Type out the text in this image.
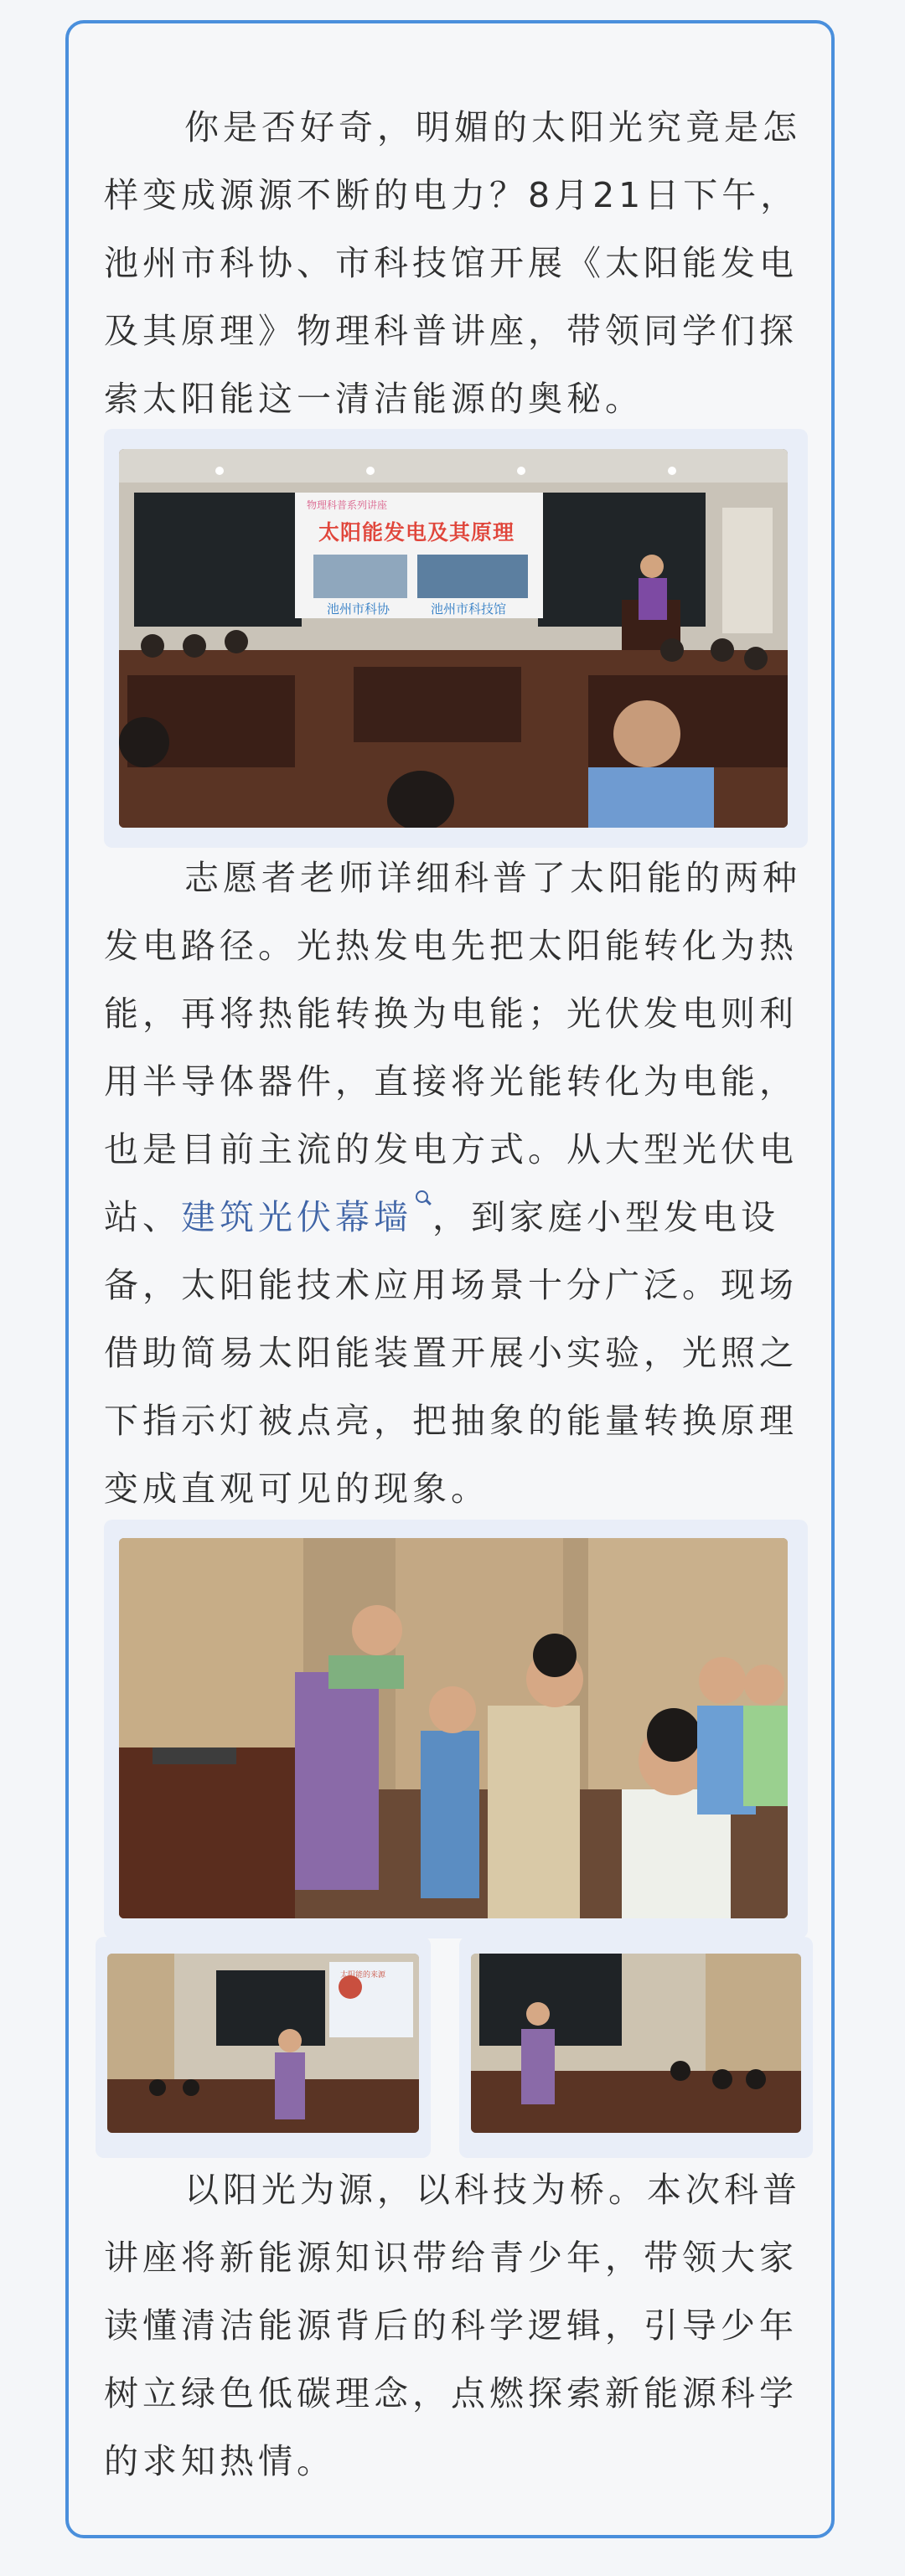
你是否好奇，明媚的太阳光究竟是怎样变成源源不断的电力？8月21日下午，池州市科协、市科技馆开展《太阳能发电及其原理》物理科普讲座，带领同学们探索太阳能这一清洁能源的奥秘。

物理科普系列讲座
太阳能发电及其原理
池州市科协	池州市科技馆

志愿者老师详细科普了太阳能的两种发电路径。光热发电先把太阳能转化为热能，再将热能转换为电能；光伏发电则利用半导体器件，直接将光能转化为电能，也是目前主流的发电方式。从大型光伏电站、建筑光伏幕墙 ，到家庭小型发电设备，太阳能技术应用场景十分广泛。现场借助简易太阳能装置开展小实验，光照之下指示灯被点亮，把抽象的能量转换原理变成直观可见的现象。

太阳能的来源

以阳光为源，以科技为桥。本次科普讲座将新能源知识带给青少年，带领大家读懂清洁能源背后的科学逻辑，引导少年树立绿色低碳理念，点燃探索新能源科学的求知热情。
